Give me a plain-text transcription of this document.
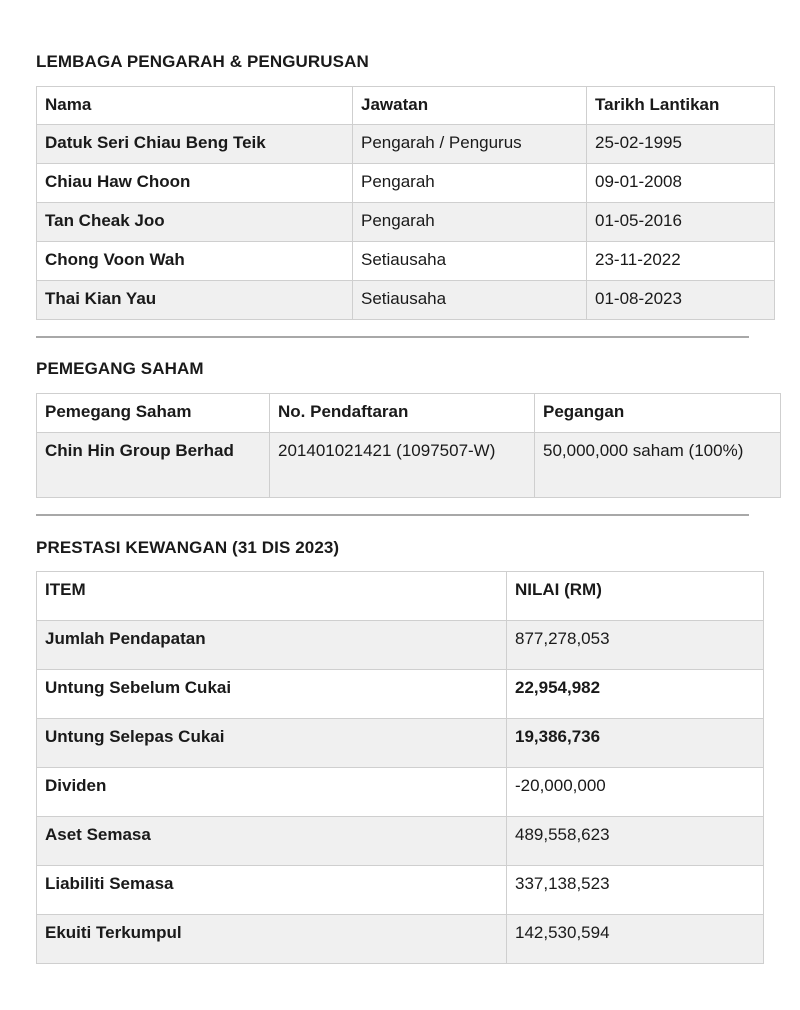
LEMBAGA PENGARAH & PENGURUSAN
Nama	Jawatan	Tarikh Lantikan
Datuk Seri Chiau Beng Teik	Pengarah / Pengurus	25-02-1995
Chiau Haw Choon	Pengarah	09-01-2008
Tan Cheak Joo	Pengarah	01-05-2016
Chong Voon Wah	Setiausaha	23-11-2022
Thai Kian Yau	Setiausaha	01-08-2023
PEMEGANG SAHAM
Pemegang Saham	No. Pendaftaran	Pegangan
Chin Hin Group Berhad	201401021421 (1097507-W)	50,000,000 saham (100%)
PRESTASI KEWANGAN (31 DIS 2023)
ITEM	NILAI (RM)
Jumlah Pendapatan	877,278,053
Untung Sebelum Cukai	22,954,982
Untung Selepas Cukai	19,386,736
Dividen	-20,000,000
Aset Semasa	489,558,623
Liabiliti Semasa	337,138,523
Ekuiti Terkumpul	142,530,594
